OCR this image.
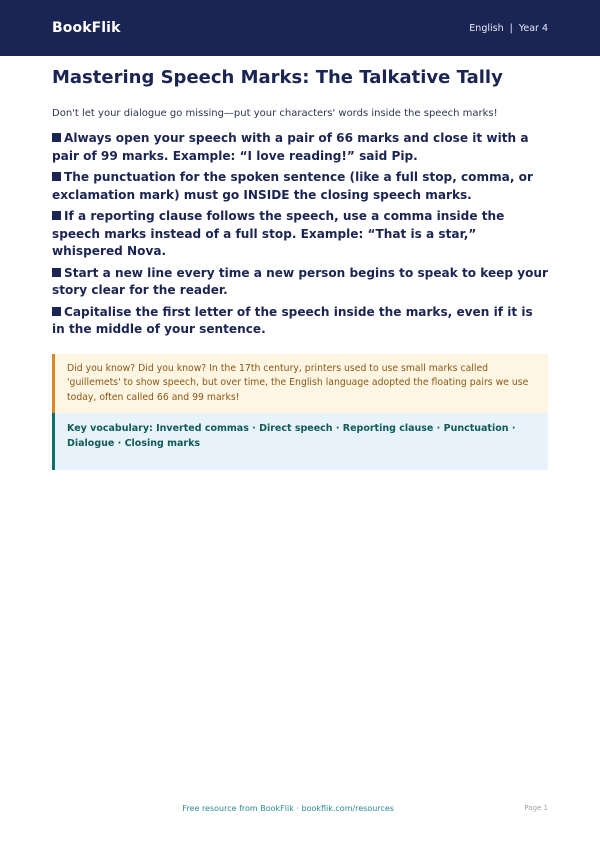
BookFlik	English | Year 4
Mastering Speech Marks: The Talkative Tally

Don't let your dialogue go missing—put your characters' words inside the speech marks!

Always open your speech with a pair of 66 marks and close it with a pair of 99 marks. Example: “I love reading!” said Pip.

The punctuation for the spoken sentence (like a full stop, comma, or exclamation mark) must go INSIDE the closing speech marks.

If a reporting clause follows the speech, use a comma inside the speech marks instead of a full stop. Example: “That is a star,” whispered Nova.

Start a new line every time a new person begins to speak to keep your story clear for the reader.

Capitalise the first letter of the speech inside the marks, even if it is in the middle of your sentence.

Did you know? Did you know? In the 17th century, printers used to use small marks called 'guillemets' to show speech, but over time, the English language adopted the floating pairs we use today, often called 66 and 99 marks!
Key vocabulary: Inverted commas · Direct speech · Reporting clause · Punctuation · Dialogue · Closing marks
Free resource from BookFlik · bookflik.com/resources	Page 1
